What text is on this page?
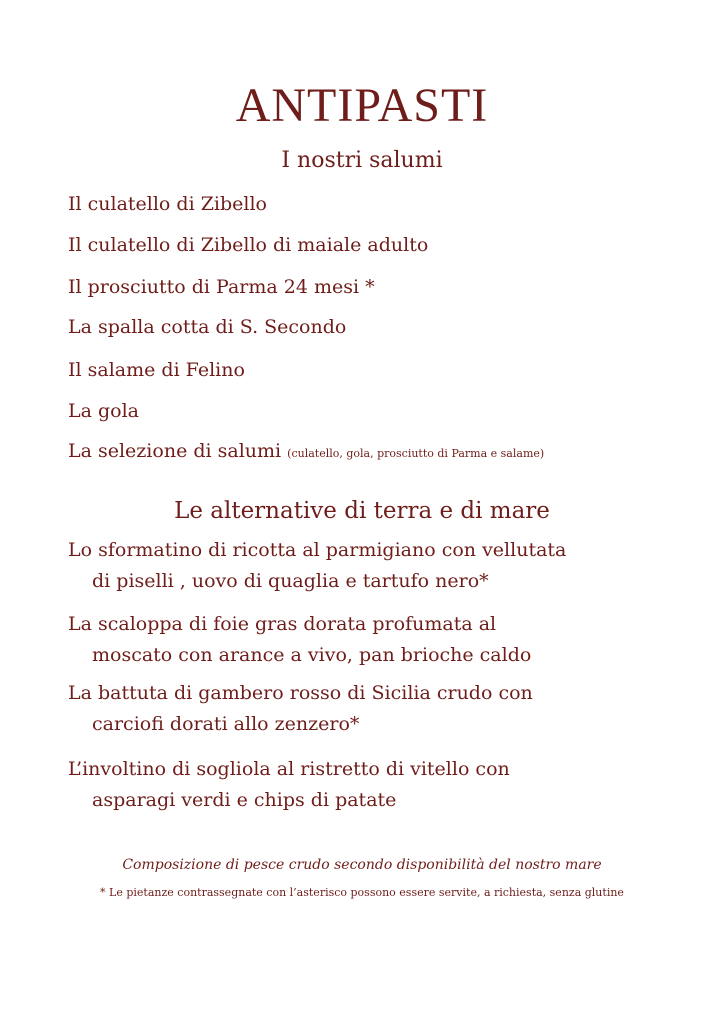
ANTIPASTI
I nostri salumi
Il culatello di Zibello
Il culatello di Zibello di maiale adulto
Il prosciutto di Parma 24 mesi *
La spalla cotta di S. Secondo
Il salame di Felino
La gola
La selezione di salumi (culatello, gola, prosciutto di Parma e salame)
Le alternative di terra e di mare
Lo sformatino di ricotta al parmigiano con vellutata
di piselli , uovo di quaglia e tartufo nero*
La scaloppa di foie gras dorata profumata al
moscato con arance a vivo, pan brioche caldo
La battuta di gambero rosso di Sicilia crudo con
carciofi dorati allo zenzero*
L’involtino di sogliola al ristretto di vitello con
asparagi verdi e chips di patate
Composizione di pesce crudo secondo disponibilità del nostro mare
* Le pietanze contrassegnate con l’asterisco possono essere servite, a richiesta, senza glutine
